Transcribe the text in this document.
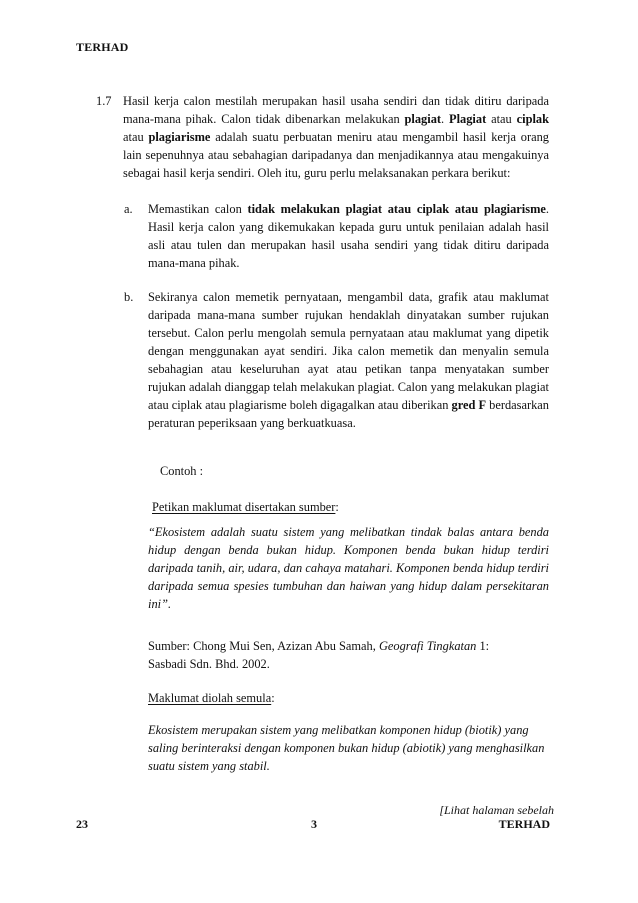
TERHAD
1.7 Hasil kerja calon mestilah merupakan hasil usaha sendiri dan tidak ditiru daripada mana-mana pihak. Calon tidak dibenarkan melakukan plagiat. Plagiat atau ciplak atau plagiarisme adalah suatu perbuatan meniru atau mengambil hasil kerja orang lain sepenuhnya atau sebahagian daripadanya dan menjadikannya atau mengakuinya sebagai hasil kerja sendiri. Oleh itu, guru perlu melaksanakan perkara berikut:
a.	Memastikan calon tidak melakukan plagiat atau ciplak atau plagiarisme. Hasil kerja calon yang dikemukakan kepada guru untuk penilaian adalah hasil asli atau tulen dan merupakan hasil usaha sendiri yang tidak ditiru daripada mana-mana pihak.
b.	Sekiranya calon memetik pernyataan, mengambil data, grafik atau maklumat daripada mana-mana sumber rujukan hendaklah dinyatakan sumber rujukan tersebut. Calon perlu mengolah semula pernyataan atau maklumat yang dipetik dengan menggunakan ayat sendiri. Jika calon memetik dan menyalin semula sebahagian atau keseluruhan ayat atau petikan tanpa menyatakan sumber rujukan adalah dianggap telah melakukan plagiat. Calon yang melakukan plagiat atau ciplak atau plagiarisme boleh digagalkan atau diberikan gred F berdasarkan peraturan peperiksaan yang berkuatkuasa.
Contoh :
Petikan maklumat disertakan sumber:
“Ekosistem adalah suatu sistem yang melibatkan tindak balas antara benda hidup dengan benda bukan hidup. Komponen benda bukan hidup terdiri daripada tanih, air, udara, dan cahaya matahari. Komponen benda hidup terdiri daripada semua spesies tumbuhan dan haiwan yang hidup dalam persekitaran ini”.
Sumber: Chong Mui Sen, Azizan Abu Samah, Geografi Tingkatan 1:
Sasbadi Sdn. Bhd. 2002.
Maklumat diolah semula:
Ekosistem merupakan sistem yang melibatkan komponen hidup (biotik) yang saling berinteraksi dengan komponen bukan hidup (abiotik) yang menghasilkan suatu sistem yang stabil.
[Lihat halaman sebelah
23	3	TERHAD
